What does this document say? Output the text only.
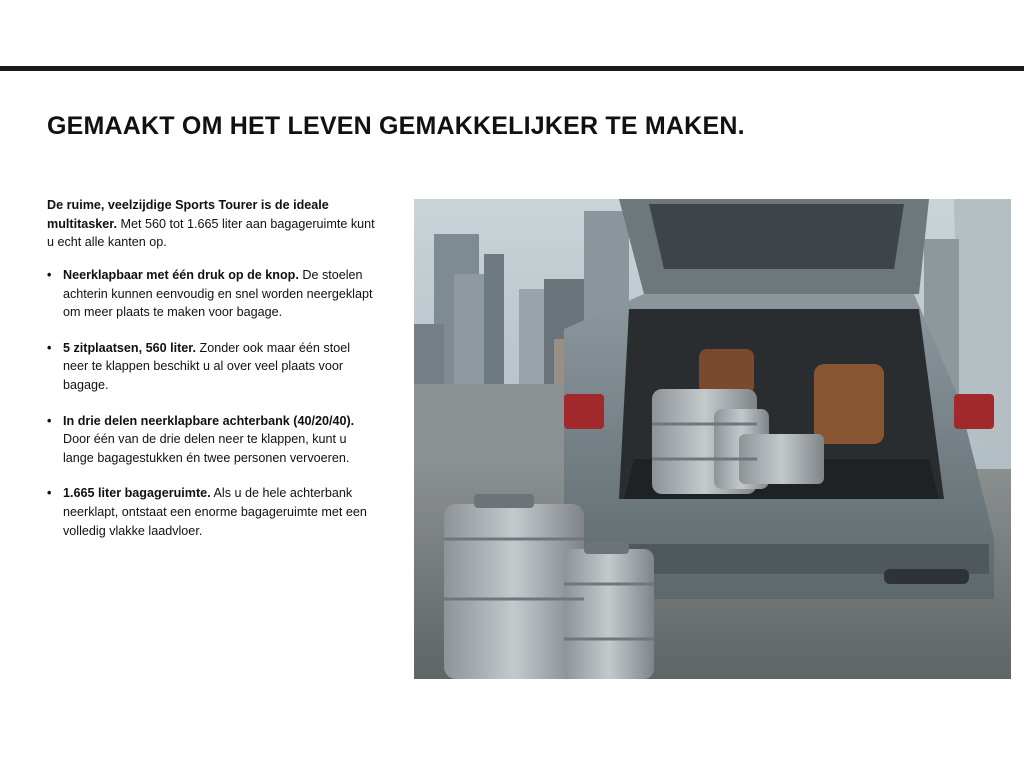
GEMAAKT OM HET LEVEN GEMAKKELIJKER TE MAKEN.

De ruime, veelzijdige Sports Tourer is de ideale multitasker. Met 560 tot 1.665 liter aan bagageruimte kunt u echt alle kanten op.

• Neerklapbaar met één druk op de knop. De stoelen achterin kunnen eenvoudig en snel worden neergeklapt om meer plaats te maken voor bagage.
• 5 zitplaatsen, 560 liter. Zonder ook maar één stoel neer te klappen beschikt u al over veel plaats voor bagage.
• In drie delen neerklapbare achterbank (40/20/40). Door één van de drie delen neer te klappen, kunt u lange bagagestukken én twee personen vervoeren.
• 1.665 liter bagageruimte. Als u de hele achterbank neerklapt, ontstaat een enorme bagageruimte met een volledig vlakke laadvloer.
